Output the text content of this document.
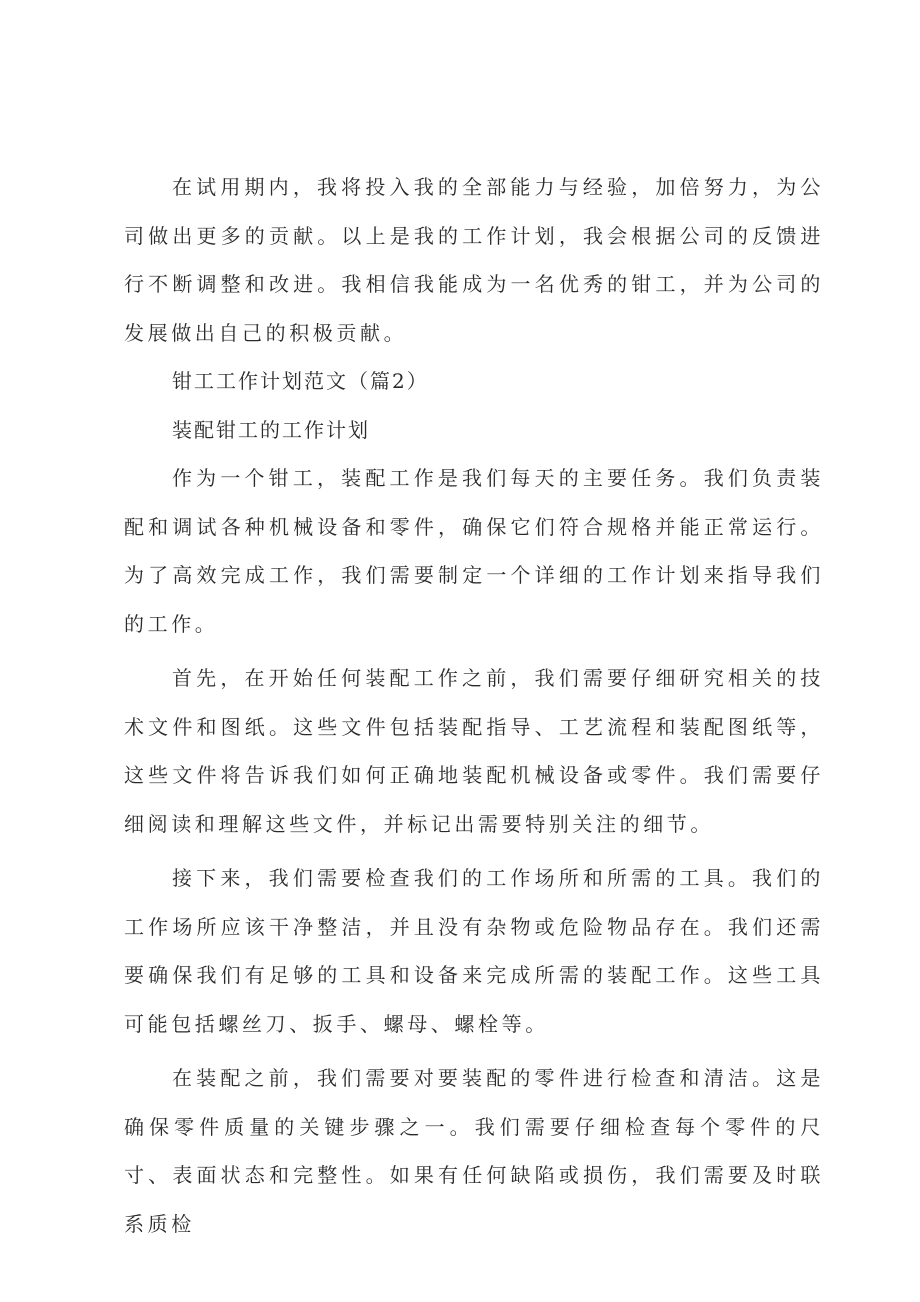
在试用期内，我将投入我的全部能力与经验，加倍努力，为公司做出更多的贡献。以上是我的工作计划，我会根据公司的反馈进行不断调整和改进。我相信我能成为一名优秀的钳工，并为公司的发展做出自己的积极贡献。

钳工工作计划范文（篇2）

装配钳工的工作计划

作为一个钳工，装配工作是我们每天的主要任务。我们负责装配和调试各种机械设备和零件，确保它们符合规格并能正常运行。为了高效完成工作，我们需要制定一个详细的工作计划来指导我们的工作。

首先，在开始任何装配工作之前，我们需要仔细研究相关的技术文件和图纸。这些文件包括装配指导、工艺流程和装配图纸等，这些文件将告诉我们如何正确地装配机械设备或零件。我们需要仔细阅读和理解这些文件，并标记出需要特别关注的细节。

接下来，我们需要检查我们的工作场所和所需的工具。我们的工作场所应该干净整洁，并且没有杂物或危险物品存在。我们还需要确保我们有足够的工具和设备来完成所需的装配工作。这些工具可能包括螺丝刀、扳手、螺母、螺栓等。

在装配之前，我们需要对要装配的零件进行检查和清洁。这是确保零件质量的关键步骤之一。我们需要仔细检查每个零件的尺寸、表面状态和完整性。如果有任何缺陷或损伤，我们需要及时联系质检
